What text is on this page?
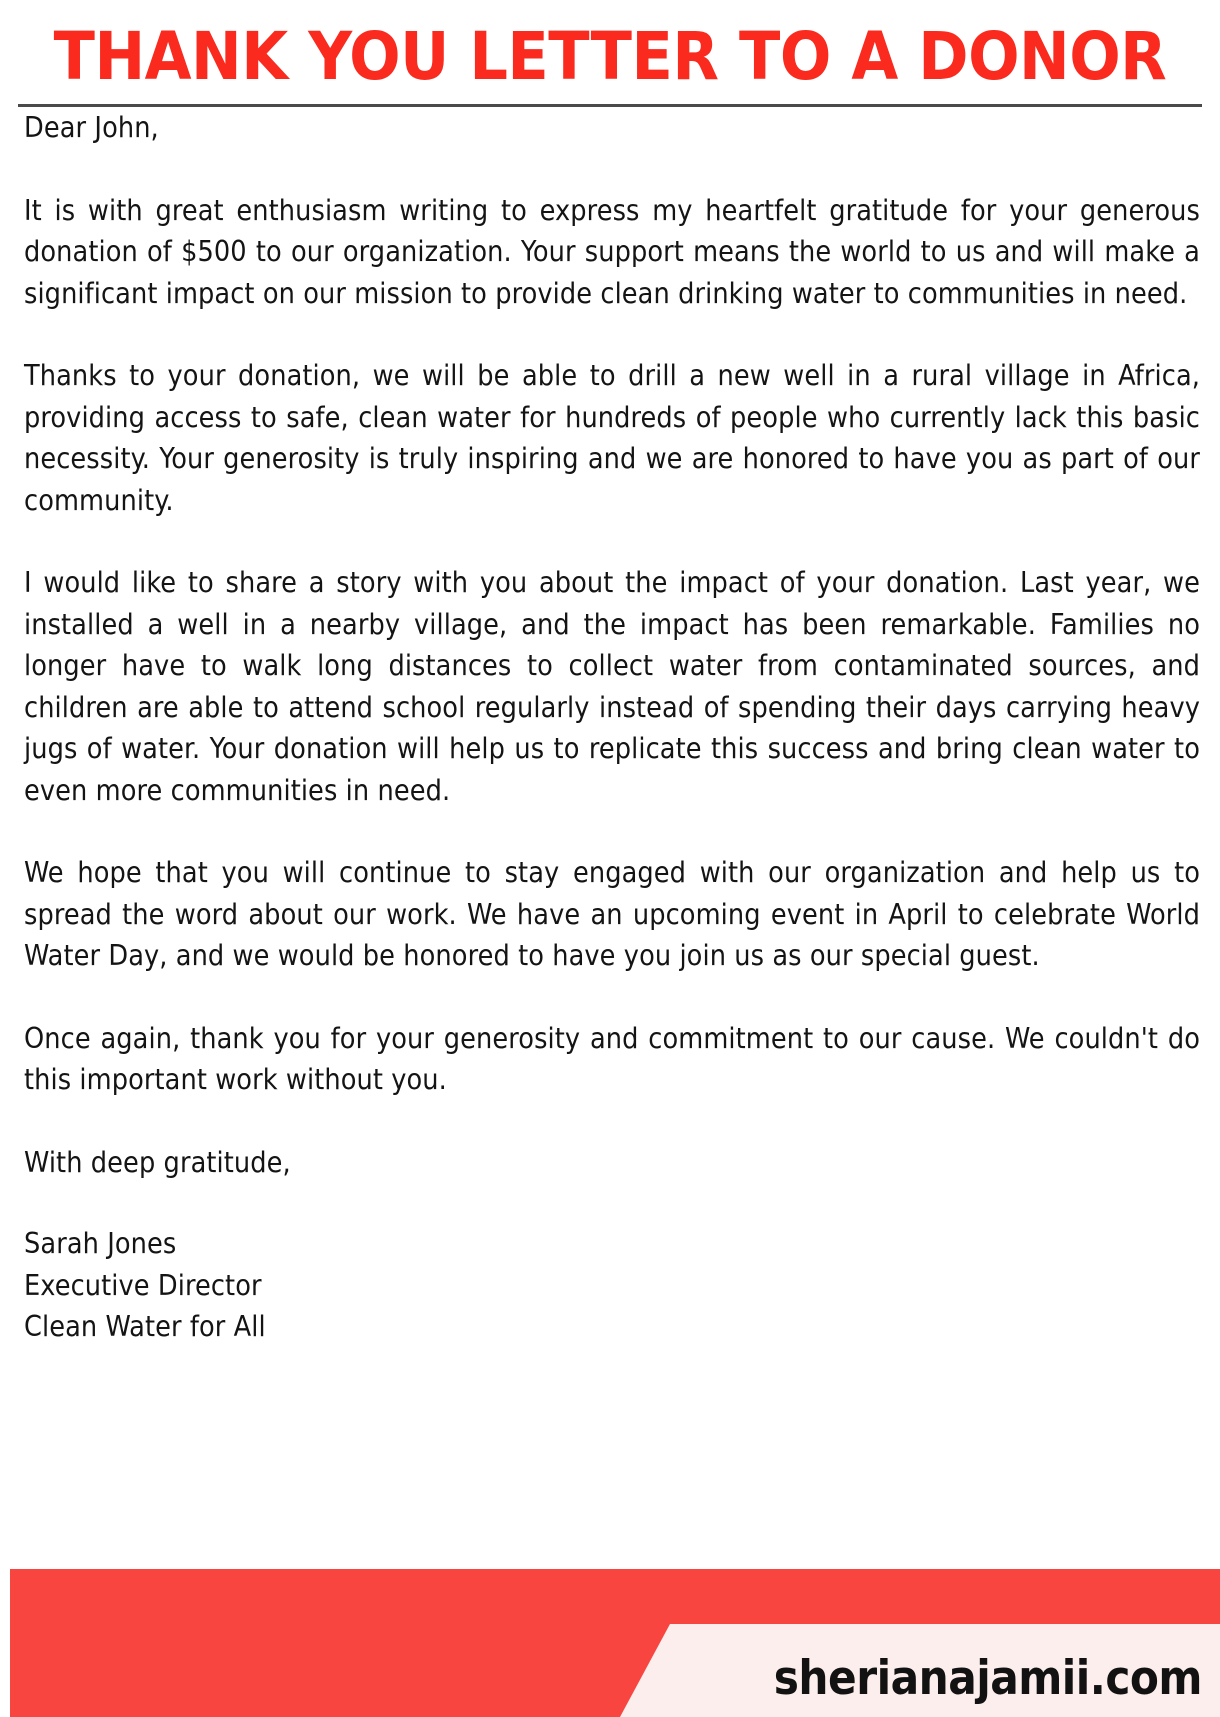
THANK YOU LETTER TO A DONOR

Dear John,

It is with great enthusiasm writing to express my heartfelt gratitude for your generous donation of $500 to our organization. Your support means the world to us and will make a significant impact on our mission to provide clean drinking water to communities in need.

Thanks to your donation, we will be able to drill a new well in a rural village in Africa, providing access to safe, clean water for hundreds of people who currently lack this basic necessity. Your generosity is truly inspiring and we are honored to have you as part of our community.

I would like to share a story with you about the impact of your donation. Last year, we installed a well in a nearby village, and the impact has been remarkable. Families no longer have to walk long distances to collect water from contaminated sources, and children are able to attend school regularly instead of spending their days carrying heavy jugs of water. Your donation will help us to replicate this success and bring clean water to even more communities in need.

We hope that you will continue to stay engaged with our organization and help us to spread the word about our work. We have an upcoming event in April to celebrate World Water Day, and we would be honored to have you join us as our special guest.

Once again, thank you for your generosity and commitment to our cause. We couldn't do this important work without you.

With deep gratitude,

Sarah Jones

Executive Director

Clean Water for All

sherianajamii.com
